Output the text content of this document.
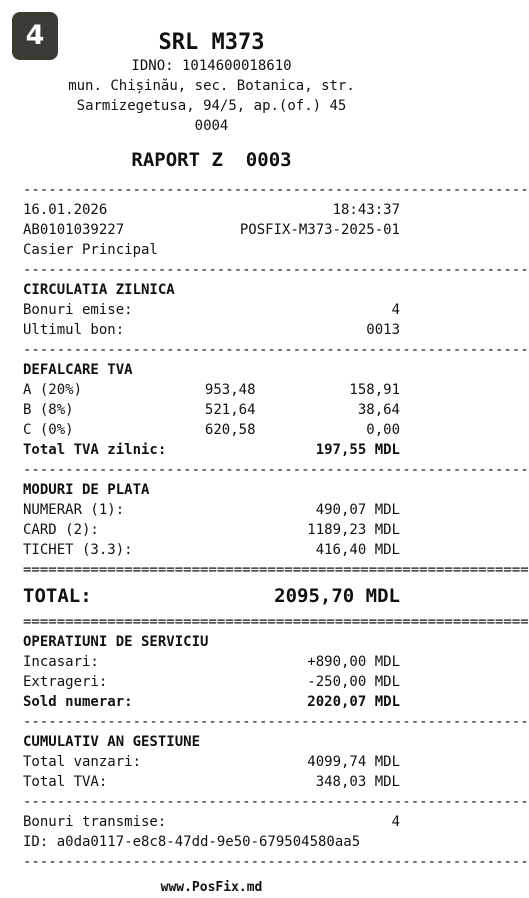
4	SRL M373
IDNO: 1014600018610
mun. Chișinău, sec. Botanica, str.
Sarmizegetusa, 94/5, ap.(of.) 45
0004
RAPORT Z  0003
------------------------------------------------------------
16.01.2026	18:43:37
AB0101039227	POSFIX-M373-2025-01
Casier Principal
------------------------------------------------------------
CIRCULATIA ZILNICA
Bonuri emise:	4
Ultimul bon:	0013
------------------------------------------------------------
DEFALCARE TVA
A (20%)	953,48	158,91
B (8%)	521,64	38,64
C (0%)	620,58	0,00
Total TVA zilnic:	197,55 MDL
------------------------------------------------------------
MODURI DE PLATA
NUMERAR (1):	490,07 MDL
CARD (2):	1189,23 MDL
TICHET (3.3):	416,40 MDL
============================================================
TOTAL:	2095,70 MDL
============================================================
OPERATIUNI DE SERVICIU
Incasari:	+890,00 MDL
Extrageri:	-250,00 MDL
Sold numerar:	2020,07 MDL
------------------------------------------------------------
CUMULATIV AN GESTIUNE
Total vanzari:	4099,74 MDL
Total TVA:	348,03 MDL
------------------------------------------------------------
Bonuri transmise:	4
ID: a0da0117-e8c8-47dd-9e50-679504580aa5
------------------------------------------------------------
www.PosFix.md
